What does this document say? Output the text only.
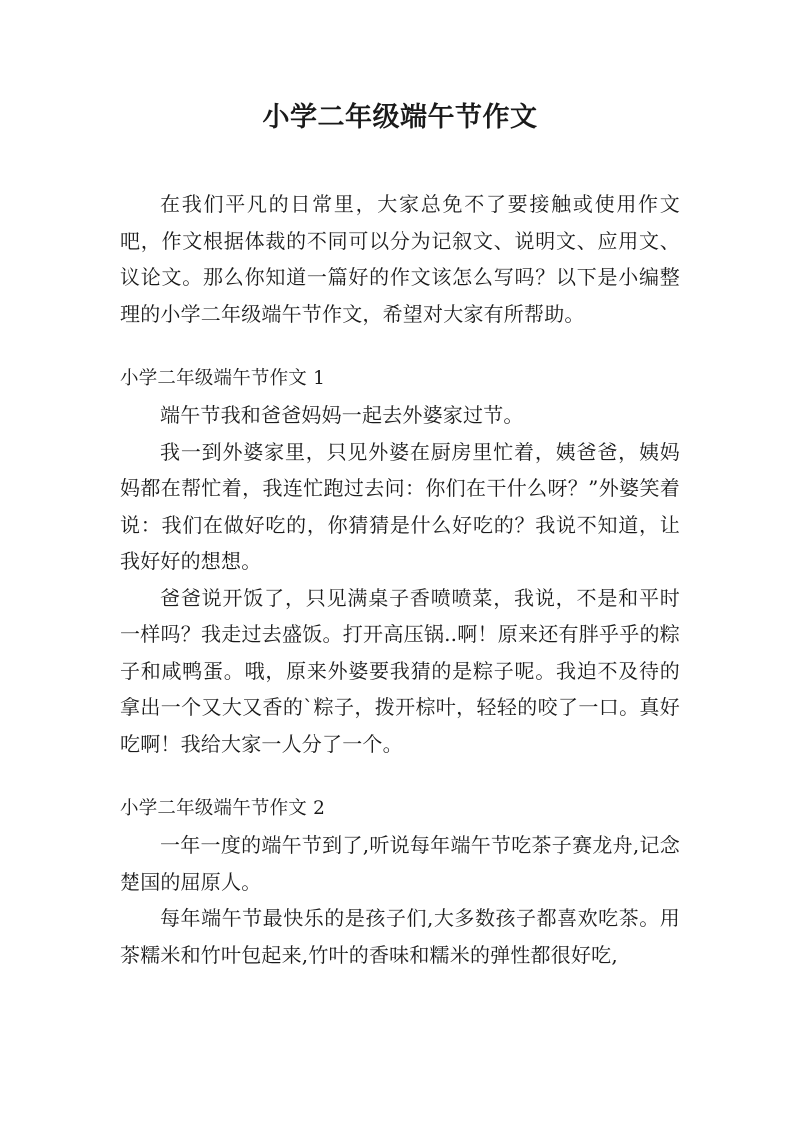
小学二年级端午节作文

在我们平凡的日常里，大家总免不了要接触或使用作文吧，作文根据体裁的不同可以分为记叙文、说明文、应用文、议论文。那么你知道一篇好的作文该怎么写吗？以下是小编整理的小学二年级端午节作文，希望对大家有所帮助。

小学二年级端午节作文 1

端午节我和爸爸妈妈一起去外婆家过节。

我一到外婆家里，只见外婆在厨房里忙着，姨爸爸，姨妈妈都在帮忙着，我连忙跑过去问：你们在干什么呀？”外婆笑着说：我们在做好吃的，你猜猜是什么好吃的？我说不知道，让我好好的想想。

爸爸说开饭了，只见满桌子香喷喷菜，我说，不是和平时一样吗？我走过去盛饭。打开高压锅..啊！原来还有胖乎乎的粽子和咸鸭蛋。哦，原来外婆要我猜的是粽子呢。我迫不及待的拿出一个又大又香的`粽子，拨开棕叶，轻轻的咬了一口。真好吃啊！我给大家一人分了一个。

小学二年级端午节作文 2

一年一度的端午节到了,听说每年端午节吃茶子赛龙舟,记念楚国的屈原人。

每年端午节最快乐的是孩子们,大多数孩子都喜欢吃茶。用茶糯米和竹叶包起来,竹叶的香味和糯米的弹性都很好吃,
